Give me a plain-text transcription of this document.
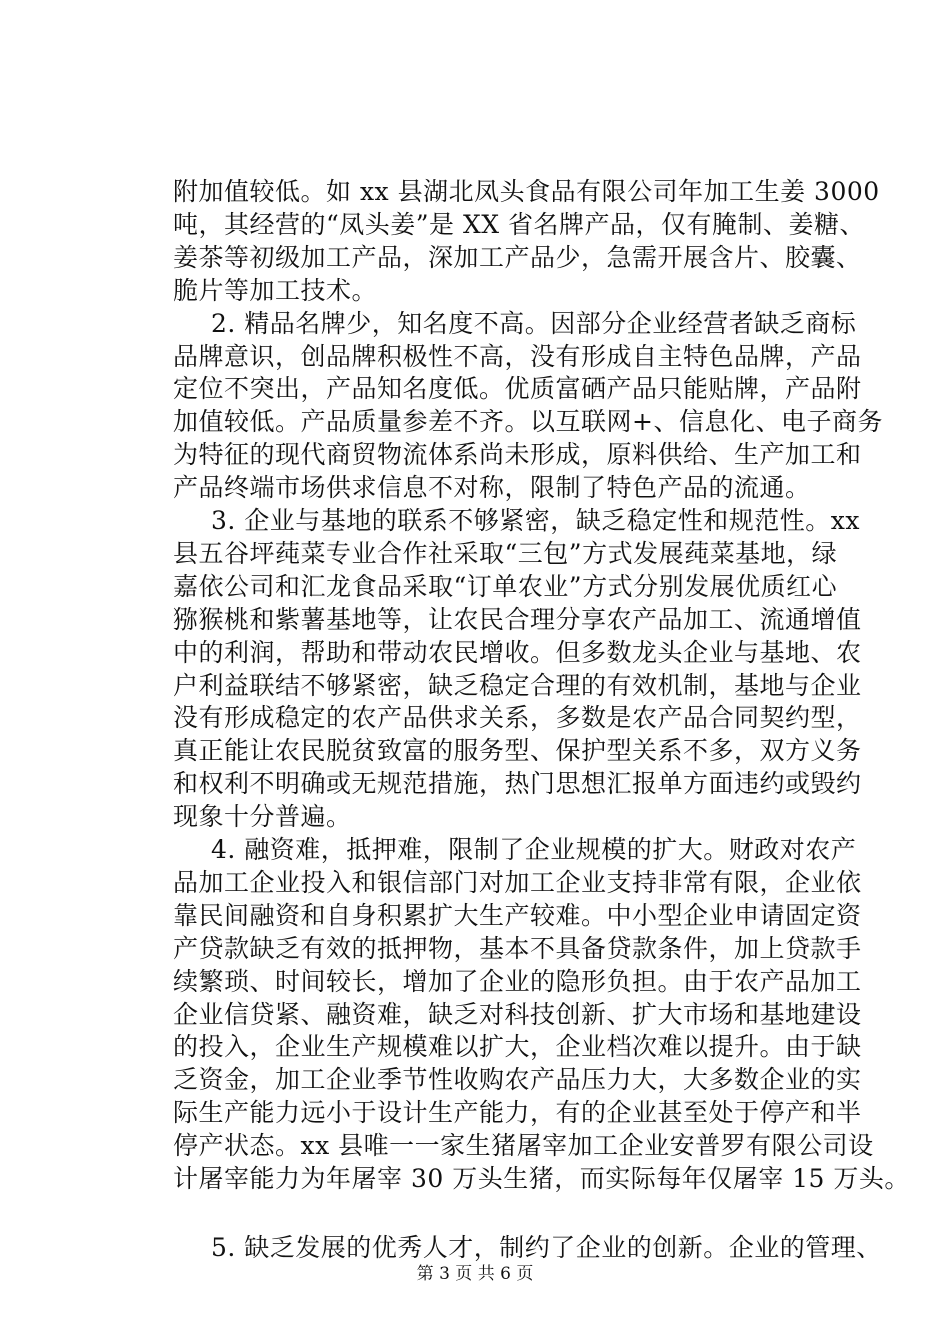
附加值较低。如 xx 县湖北凤头食品有限公司年加工生姜 3000
吨，其经营的“凤头姜”是 XX 省名牌产品，仅有腌制、姜糖、
姜茶等初级加工产品，深加工产品少，急需开展含片、胶囊、
脆片等加工技术。
2. 精品名牌少，知名度不高。因部分企业经营者缺乏商标
品牌意识，创品牌积极性不高，没有形成自主特色品牌，产品
定位不突出，产品知名度低。优质富硒产品只能贴牌，产品附
加值较低。产品质量参差不齐。以互联网+、信息化、电子商务
为特征的现代商贸物流体系尚未形成，原料供给、生产加工和
产品终端市场供求信息不对称，限制了特色产品的流通。
3. 企业与基地的联系不够紧密，缺乏稳定性和规范性。xx
县五谷坪莼菜专业合作社采取“三包”方式发展莼菜基地，绿
嘉依公司和汇龙食品采取“订单农业”方式分别发展优质红心
猕猴桃和紫薯基地等，让农民合理分享农产品加工、流通增值
中的利润，帮助和带动农民增收。但多数龙头企业与基地、农
户利益联结不够紧密，缺乏稳定合理的有效机制，基地与企业
没有形成稳定的农产品供求关系，多数是农产品合同契约型，
真正能让农民脱贫致富的服务型、保护型关系不多，双方义务
和权利不明确或无规范措施，热门思想汇报单方面违约或毁约
现象十分普遍。
4. 融资难，抵押难，限制了企业规模的扩大。财政对农产
品加工企业投入和银信部门对加工企业支持非常有限，企业依
靠民间融资和自身积累扩大生产较难。中小型企业申请固定资
产贷款缺乏有效的抵押物，基本不具备贷款条件，加上贷款手
续繁琐、时间较长，增加了企业的隐形负担。由于农产品加工
企业信贷紧、融资难，缺乏对科技创新、扩大市场和基地建设
的投入，企业生产规模难以扩大，企业档次难以提升。由于缺
乏资金，加工企业季节性收购农产品压力大，大多数企业的实
际生产能力远小于设计生产能力，有的企业甚至处于停产和半
停产状态。xx 县唯一一家生猪屠宰加工企业安普罗有限公司设
计屠宰能力为年屠宰 30 万头生猪，而实际每年仅屠宰 15 万头。
5. 缺乏发展的优秀人才，制约了企业的创新。企业的管理、
第 3 页 共 6 页
